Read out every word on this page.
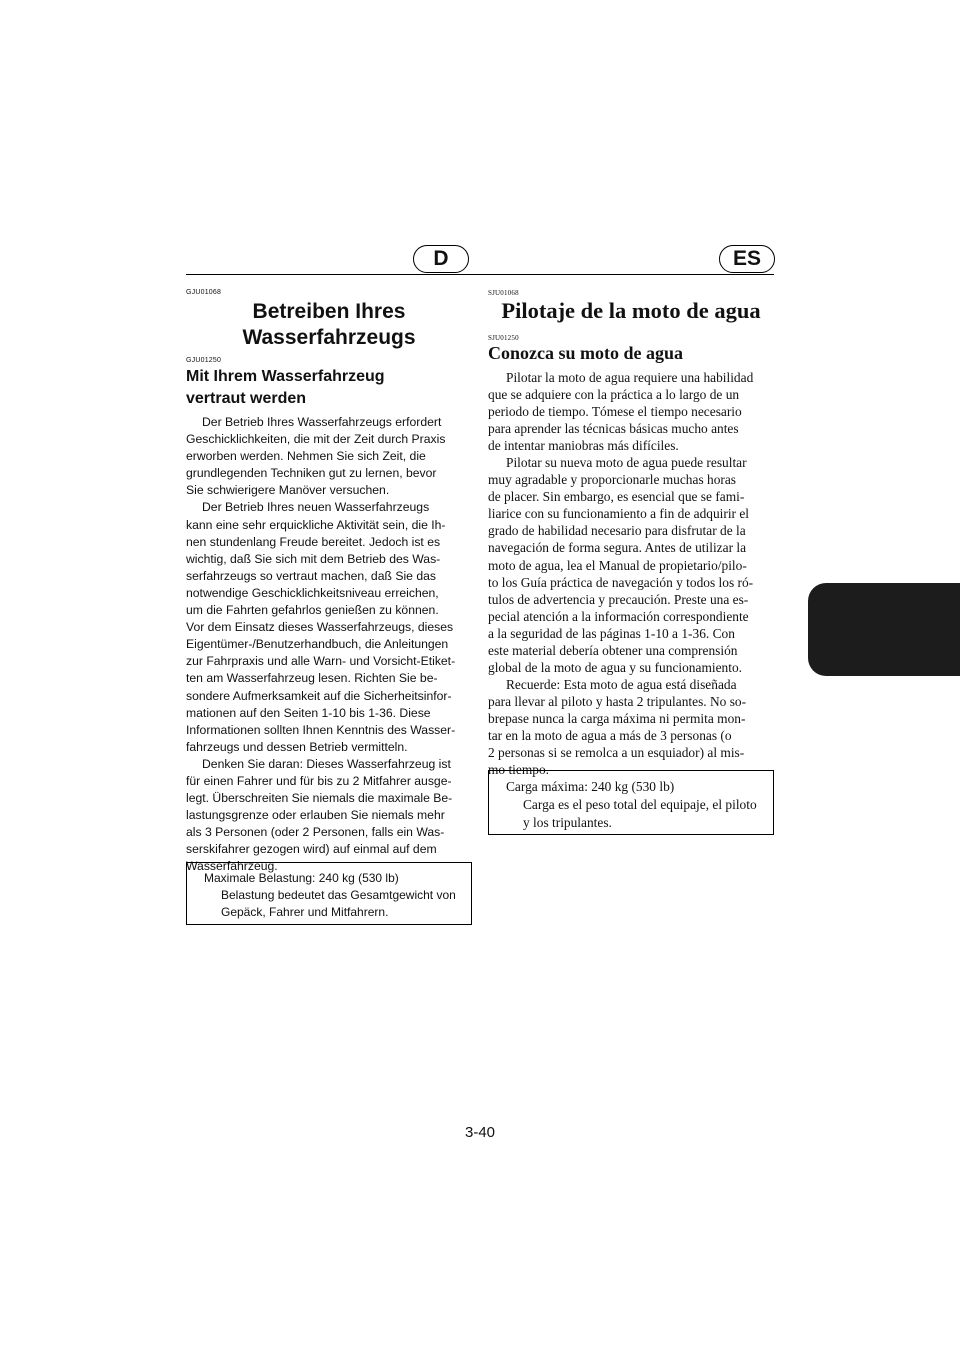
D	ES
GJU01068
Betreiben Ihres
Wasserfahrzeugs
GJU01250
Mit Ihrem Wasserfahrzeug
vertraut werden
Der Betrieb Ihres Wasserfahrzeugs erfordert
Geschicklichkeiten, die mit der Zeit durch Praxis
erworben werden. Nehmen Sie sich Zeit, die
grundlegenden Techniken gut zu lernen, bevor
Sie schwierigere Manöver versuchen.
Der Betrieb Ihres neuen Wasserfahrzeugs
kann eine sehr erquickliche Aktivität sein, die Ih-
nen stundenlang Freude bereitet. Jedoch ist es
wichtig, daß Sie sich mit dem Betrieb des Was-
serfahrzeugs so vertraut machen, daß Sie das
notwendige Geschicklichkeitsniveau erreichen,
um die Fahrten gefahrlos genießen zu können.
Vor dem Einsatz dieses Wasserfahrzeugs, dieses
Eigentümer-/Benutzerhandbuch, die Anleitungen
zur Fahrpraxis und alle Warn- und Vorsicht-Etiket-
ten am Wasserfahrzeug lesen. Richten Sie be-
sondere Aufmerksamkeit auf die Sicherheitsinfor-
mationen auf den Seiten 1-10 bis 1-36. Diese
Informationen sollten Ihnen Kenntnis des Wasser-
fahrzeugs und dessen Betrieb vermitteln.
Denken Sie daran: Dieses Wasserfahrzeug ist
für einen Fahrer und für bis zu 2 Mitfahrer ausge-
legt. Überschreiten Sie niemals die maximale Be-
lastungsgrenze oder erlauben Sie niemals mehr
als 3 Personen (oder 2 Personen, falls ein Was-
serskifahrer gezogen wird) auf einmal auf dem
Wasserfahrzeug.
Maximale Belastung: 240 kg (530 lb)
Belastung bedeutet das Gesamtgewicht von
Gepäck, Fahrer und Mitfahrern.
SJU01068
Pilotaje de la moto de agua
SJU01250
Conozca su moto de agua
Pilotar la moto de agua requiere una habilidad
que se adquiere con la práctica a lo largo de un
periodo de tiempo. Tómese el tiempo necesario
para aprender las técnicas básicas mucho antes
de intentar maniobras más difíciles.
Pilotar su nueva moto de agua puede resultar
muy agradable y proporcionarle muchas horas
de placer. Sin embargo, es esencial que se fami-
liarice con su funcionamiento a fin de adquirir el
grado de habilidad necesario para disfrutar de la
navegación de forma segura. Antes de utilizar la
moto de agua, lea el Manual de propietario/pilo-
to los Guía práctica de navegación y todos los ró-
tulos de advertencia y precaución. Preste una es-
pecial atención a la información correspondiente
a la seguridad de las páginas 1-10 a 1-36. Con
este material debería obtener una comprensión
global de la moto de agua y su funcionamiento.
Recuerde: Esta moto de agua está diseñada
para llevar al piloto y hasta 2 tripulantes. No so-
brepase nunca la carga máxima ni permita mon-
tar en la moto de agua a más de 3 personas (o
2 personas si se remolca a un esquiador) al mis-
mo tiempo.
Carga máxima: 240 kg (530 lb)
Carga es el peso total del equipaje, el piloto
y los tripulantes.
3-40
